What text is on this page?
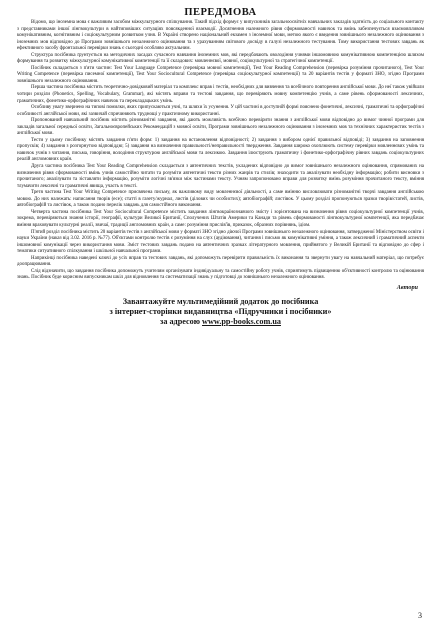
ПЕРЕДМОВА

Відомо, що іноземна мова є важливим засобом міжкультурного спілкування. Такий підхід формує у випускників загальноосвітніх навчальних закладів здатність до соціального контакту з представниками іншої лінгвокультури в найтиповіших ситуаціях повсякденної взаємодії. Досягнення належного рівня сформованості навичок та вмінь забезпечується взаємовпливом комунікативним, когнітивним і соціокультурним розвитком учня. В Україні створено національний екзамен з іноземної мови, метою якого є введення зовнішнього незалежного оцінювання з іноземних мов відповідно до Програми зовнішнього незалежного оцінювання та з урахуванням світового досвіду в галузі незалежного тестування. Тому використання тестових завдань як ефективного засобу фронтальної перевірки знань є сьогодні особливо актуальним.

Структура посібника ґрунтується на методичних засадах сучасного навчання іноземних мов, які передбачають оволодіння учнями іншомовною комунікативною компетенцією шляхом формування та розвитку міжкультурної комунікативної компетенції та її складових: мовленнєвої, мовної, соціокультурної та стратегічної компетенції.

Посібник складається з п'яти частин: Test Your Language Competence (перевірка мовної компетенції), Test Your Reading Comprehension (перевірка розуміння прочитаного), Test Your Writing Competence (перевірка писемної компетенції), Test Your Sociocultural Competence (перевірка соціокультурної компетенції) та 20 варіантів тестів у форматі ЗНО, згідно Програми зовнішнього незалежного оцінювання.

Перша частина посібника містить теоретично-довідковий матеріал та комплекс вправ і тестів, необхідних для вивчення та всебічного повторення англійської мови. До неї також увійшли чотири розділи (Phonetics, Spelling, Vocabulary, Grammar), які містять вправи та тестові завдання, що перевіряють мовну компетенцію учнів, а саме рівень сформованості лексичних, граматичних, фонетико-орфографічних навичок та перекладацьких умінь.

Особливу увагу звернено на типові помилки, яких припускаються учні, та шляхи їх усунення. У цій частині в доступній формі пояснено фонетичні, лексичні, граматичні та орфографічні особливості англійської мови, які зазвичай спричиняють труднощі у практичному використанні.

Пропонований навчальний посібник містить різноманітні завдання, які дають можливість всебічно перевірити знання з англійської мови відповідно до вимог чинної програми для закладів загальної середньої освіти, Загальноєвропейських Рекомендацій з мовної освіти, Програми зовнішнього незалежного оцінювання з іноземних мов та технічних характеристик тестів з англійської мови.

Тести у цьому посібнику містять завдання п'яти форм: 1) завдання на встановлення відповідності; 2) завдання з вибором однієї правильної відповіді; 3) завдання на заповнення пропусків; 4) завдання з розгорнутою відповіддю; 5) завдання на визначення правильності/неправильності твердження. Завдання широко охоплюють систему перевірки мовленнєвих умінь та навичок учнів з читання, письма, говоріння, володіння структурою англійської мови та лексикою. Завдання ілюструють граматичну і фонетико-орфографічну рівних завдань соціокультурних реалій англомовних країн.

Друга частина посібника Test Your Reading Comprehension складається з автентичних текстів, укладених відповідно до вимог зовнішнього незалежного оцінювання, спрямованих на визначення рівня сформованості вмінь учнів самостійно читати та розуміти автентичні тексти різних жанрів та стилів; знаходити та аналізувати необхідну інформацію; робити висновки з прочитаного; аналізувати та зіставляти інформацію, розуміти логічні зв'язки між частинами тексту. Учням запропоновано вправи для розвитку вмінь розуміння прочитаного тексту, вміння тлумачити лексичні та граматичні явища, участь в тексті.

Третя частина Test Your Writing Competence присвячена письму, як важливому виду мовленнєвої діяльності, а саме вмінню висловлювати різноманітні творчі завдання англійською мовою. До них належать: написання творів (есе); статті в газету/журнал, листів (ділових чи особистих); автобіографій; листівок. У цьому розділі пропонуються зразки творів/статей, листів, автобіографій та листівок, а також подано перелік завдань для самостійного виконання.

Четверта частина посібника Test Your Sociocultural Competence містить завдання лінгвокраїнознавчого змісту і зорієнтована на визначення рівня соціокультурної компетенції учнів, зокрема, перевіряються знання історії, географії, культури Великої Британії, Сполучених Штатів Америки та Канади та рівень сформованості лінгвокультурної компетенції, яка передбачає вміння враховувати культурні реалії, звичаї, традиції англомовних країн, а саме: розуміння прислів'їв, приказок, образних порівнянь, ідіом.

П'ятий розділ посібника містить 20 варіантів тестів з англійської мови у форматі ЗНО згідно діючої Програми зовнішнього незалежного оцінювання, затвердженої Міністерством освіти і науки України (наказ від 3.02. 2016 р. №77). Об'єктами контролю тестів є розуміння на слух (аудіювання), читання і письмо як комунікативні уміння, а також лексичний і граматичний аспекти іншомовної комунікації через використання мови. Зміст тестових завдань подано на автентичних зразках літературного мовлення, прийнятого у Великій Британії та відповідно до сфер і тематики ситуативного спілкування і шкільної навчальної програми.

Наприкінці посібника наведені ключі до усіх вправ та тестових завдань, які допоможуть перевірити правильність їх виконання та звернути увагу на навчальний матеріал, що потребує доопрацювання.

Слід відзначити, що завдання посібника допоможуть учителям організувати індивідуальну та самостійну роботу учнів, сприятимуть підвищенню об'єктивності контролю та оцінювання знань. Посібник буде корисним випускникам шкіл для відновлення та систематизації знань у підготовці до зовнішнього незалежного оцінювання.

Автори
Завантажуйте мультимедійний додаток до посібника
з інтернет-сторінки видавництва «Підручники і посібники»
за адресою www.pp-books.com.ua
3
